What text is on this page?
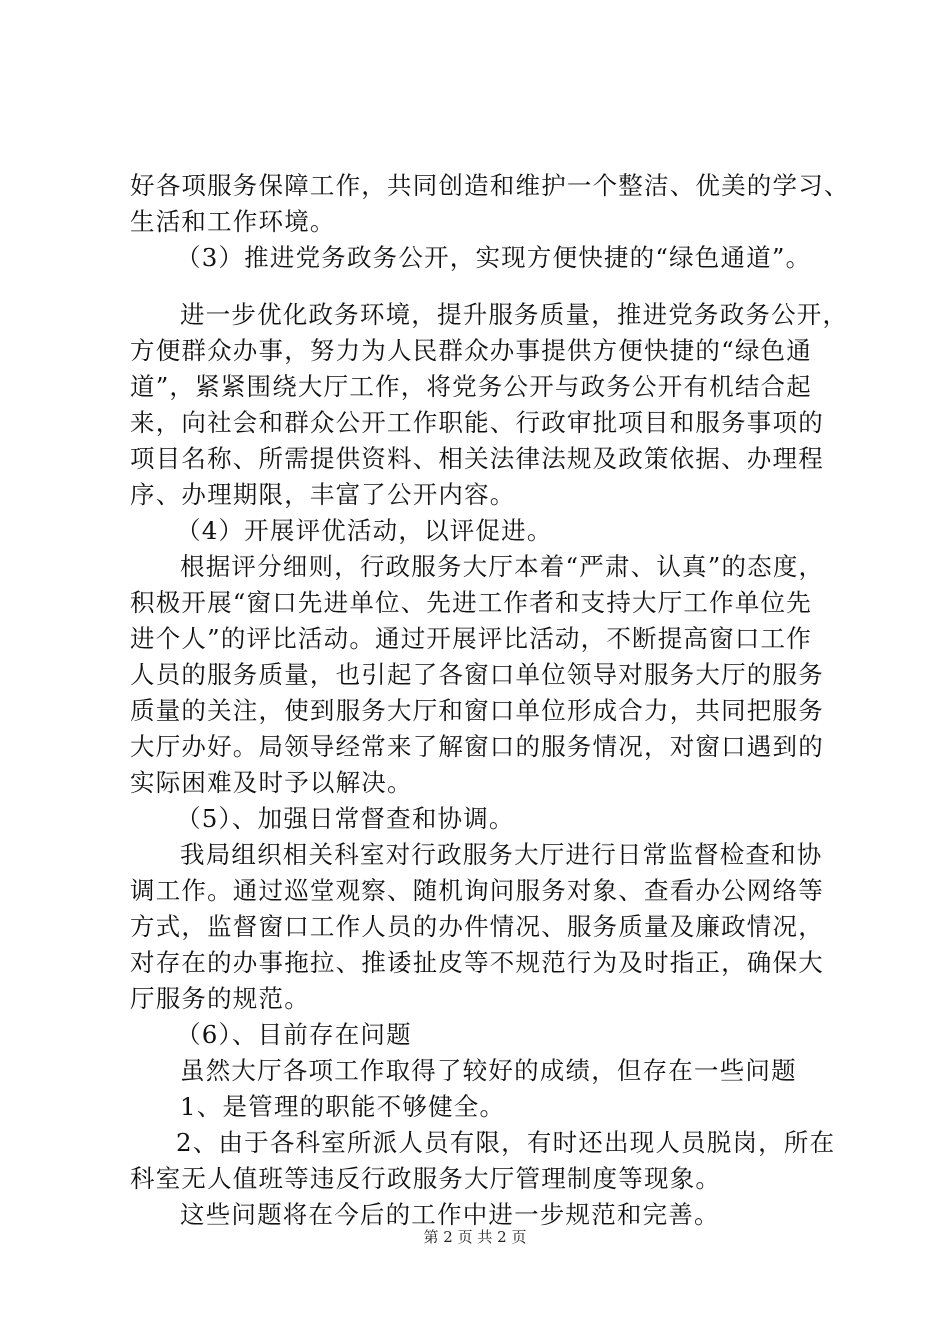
好各项服务保障工作，共同创造和维护一个整洁、优美的学习、
生活和工作环境。
（3）推进党务政务公开，实现方便快捷的“绿色通道”。
进一步优化政务环境，提升服务质量，推进党务政务公开，
方便群众办事，努力为人民群众办事提供方便快捷的“绿色通
道”，紧紧围绕大厅工作，将党务公开与政务公开有机结合起
来，向社会和群众公开工作职能、行政审批项目和服务事项的
项目名称、所需提供资料、相关法律法规及政策依据、办理程
序、办理期限，丰富了公开内容。
（4）开展评优活动，以评促进。
根据评分细则，行政服务大厅本着“严肃、认真”的态度，
积极开展“窗口先进单位、先进工作者和支持大厅工作单位先
进个人”的评比活动。通过开展评比活动，不断提高窗口工作
人员的服务质量，也引起了各窗口单位领导对服务大厅的服务
质量的关注，使到服务大厅和窗口单位形成合力，共同把服务
大厅办好。局领导经常来了解窗口的服务情况，对窗口遇到的
实际困难及时予以解决。
（5）、加强日常督查和协调。
我局组织相关科室对行政服务大厅进行日常监督检查和协
调工作。通过巡堂观察、随机询问服务对象、查看办公网络等
方式，监督窗口工作人员的办件情况、服务质量及廉政情况，
对存在的办事拖拉、推诿扯皮等不规范行为及时指正，确保大
厅服务的规范。
（6）、目前存在问题
虽然大厅各项工作取得了较好的成绩，但存在一些问题
1、是管理的职能不够健全。
2、由于各科室所派人员有限，有时还出现人员脱岗，所在
科室无人值班等违反行政服务大厅管理制度等现象。
这些问题将在今后的工作中进一步规范和完善。
第 2 页 共 2 页
